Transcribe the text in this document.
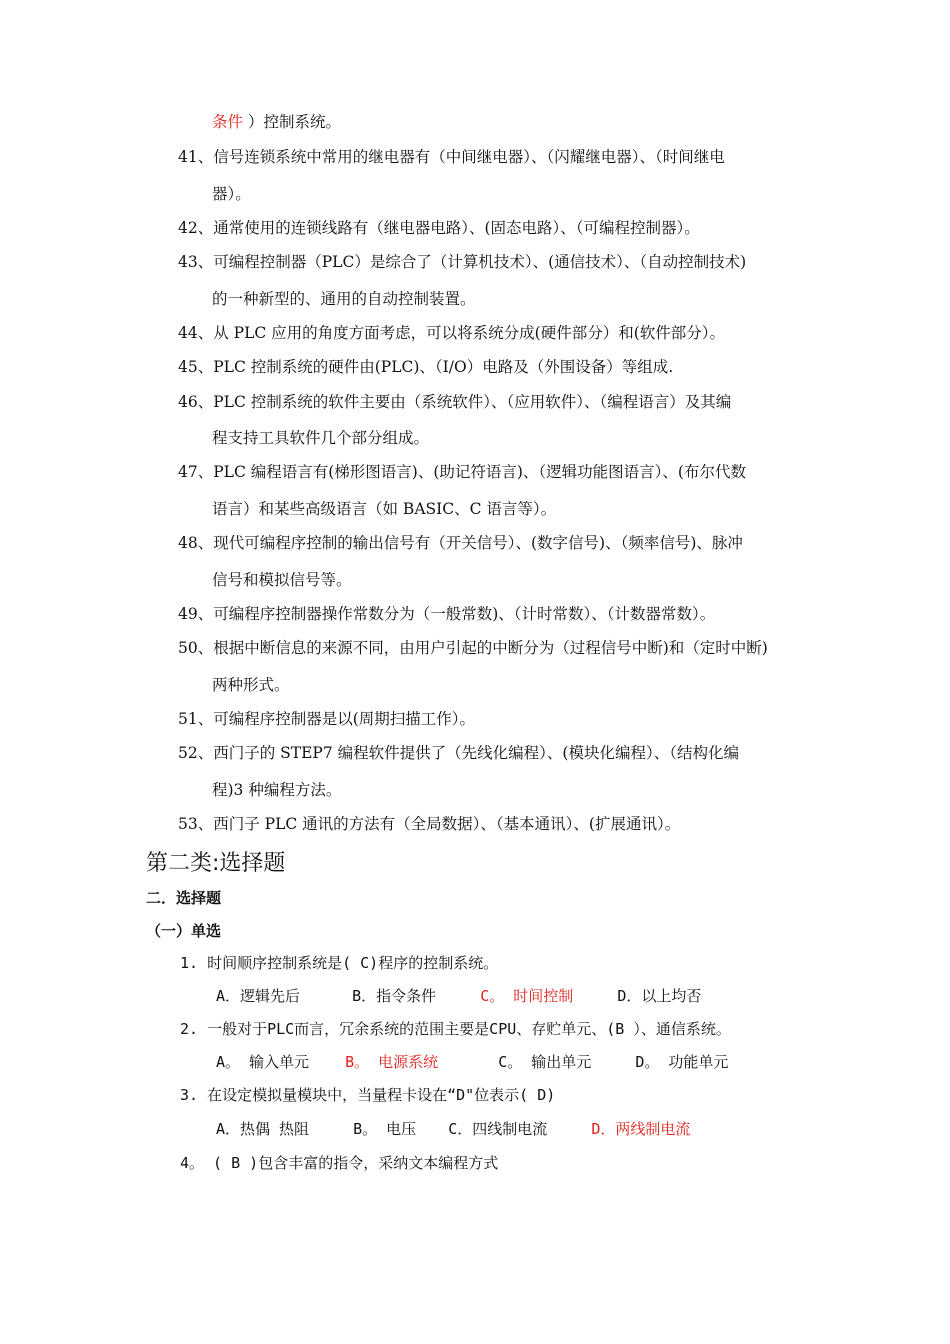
条件 ）控制系统。
41、信号连锁系统中常用的继电器有（中间继电器）、（闪耀继电器）、（时间继电
器）。
42、通常使用的连锁线路有（继电器电路）、(固态电路）、（可编程控制器）。
43、可编程控制器（PLC）是综合了（计算机技术）、(通信技术）、（自动控制技术)
的一种新型的、通用的自动控制装置。
44、从 PLC 应用的角度方面考虑，可以将系统分成(硬件部分）和(软件部分）。
45、PLC 控制系统的硬件由(PLC)、（I/O）电路及（外围设备）等组成.
46、PLC 控制系统的软件主要由（系统软件）、（应用软件）、（编程语言）及其编
程支持工具软件几个部分组成。
47、PLC 编程语言有(梯形图语言)、(助记符语言)、（逻辑功能图语言）、(布尔代数
语言）和某些高级语言（如 BASIC、C 语言等）。
48、现代可编程序控制的输出信号有（开关信号）、(数字信号)、（频率信号)、脉冲
信号和模拟信号等。
49、可编程序控制器操作常数分为（一般常数)、（计时常数）、（计数器常数）。
50、根据中断信息的来源不同，由用户引起的中断分为（过程信号中断)和（定时中断)
两种形式。
51、可编程序控制器是以(周期扫描工作）。
52、西门子的 STEP7 编程软件提供了（先线化编程）、(模块化编程）、（结构化编
程)3 种编程方法。
53、西门子 PLC 通讯的方法有（全局数据）、（基本通讯）、(扩展通讯）。
第二类:选择题
二．选择题
（一）单选
1. 时间顺序控制系统是( C)程序的控制系统。
A．逻辑先后	B．指令条件	C。 时间控制	D．以上均否
2. 一般对于PLC而言，冗余系统的范围主要是CPU、存贮单元、(B ）、通信系统。
A。 输入单元 B。 电源系统	C。 输出单元	D。 功能单元
3. 在设定模拟量模块中，当量程卡设在“D"位表示( D)
A．热偶 热阻	B。 电压 C．四线制电流	D．两线制电流
4。 ( B )包含丰富的指令，采纳文本编程方式
